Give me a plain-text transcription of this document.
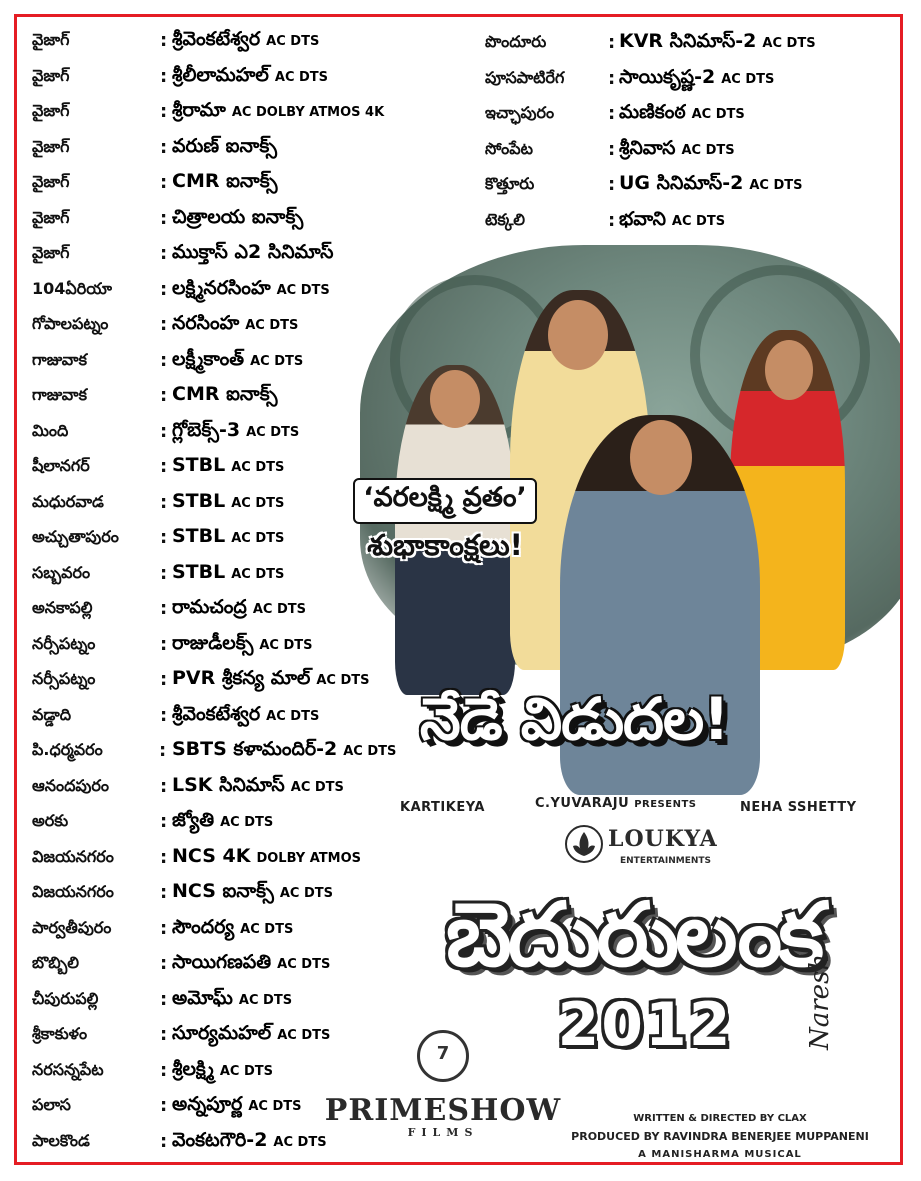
వైజాగ్	: శ్రీవెంకటేశ్వర AC DTS
వైజాగ్	: శ్రీలీలామహల్ AC DTS
వైజాగ్	: శ్రీరామా AC DOLBY ATMOS 4K
వైజాగ్	: వరుణ్ ఐనాక్స్
వైజాగ్	: CMR ఐనాక్స్
వైజాగ్	: చిత్రాలయ ఐనాక్స్
వైజాగ్	: ముక్తాస్ ఎ2 సినిమాస్
104ఏరియా	: లక్ష్మినరసింహ AC DTS
గోపాలపట్నం	: నరసింహ AC DTS
గాజువాక	: లక్ష్మీకాంత్ AC DTS
గాజువాక	: CMR ఐనాక్స్
మింది	: గ్లోబెక్స్-3 AC DTS
షీలానగర్	: STBL AC DTS
మధురవాడ	: STBL AC DTS
అచ్చుతాపురం	: STBL AC DTS
సబ్బవరం	: STBL AC DTS
అనకాపల్లి	: రామచంద్ర AC DTS
నర్సీపట్నం	: రాజుడీలక్స్ AC DTS
నర్సీపట్నం	: PVR శ్రీకన్య మాల్ AC DTS
వడ్డాది	: శ్రీవెంకటేశ్వర AC DTS
పి.ధర్మవరం	: SBTS కళామందిర్-2 AC DTS
ఆనందపురం	: LSK సినిమాస్ AC DTS
అరకు	: జ్యోతి AC DTS
విజయనగరం	: NCS 4K DOLBY ATMOS
విజయనగరం	: NCS ఐనాక్స్ AC DTS
పార్వతీపురం	: సౌందర్య AC DTS
బొబ్బిలి	: సాయిగణపతి AC DTS
చీపురుపల్లి	: అమోఘ్ AC DTS
శ్రీకాకుళం	: సూర్యమహల్ AC DTS
నరసన్నపేట	: శ్రీలక్ష్మి AC DTS
పలాస	: అన్నపూర్ణ AC DTS
పాలకొండ	: వెంకటగౌరి-2 AC DTS
పొందూరు	: KVR సినిమాస్-2 AC DTS
పూసపాటిరేగ	: సాయికృష్ణ-2 AC DTS
ఇచ్ఛాపురం	: మణికంఠ AC DTS
సోంపేట	: శ్రీనివాస AC DTS
కొత్తూరు	: UG సినిమాస్-2 AC DTS
టెక్కలి	: భవాని AC DTS
‘వరలక్ష్మి వ్రతం’
శుభాకాంక్షలు!
నేడే విడుదల!
KARTIKEYA	C.YUVARAJU PRESENTS	NEHA SSHETTY
LOUKYA
ENTERTAINMENTS
బెదురులంక
2012
7
PRIMESHOW
FILMS
WRITTEN & DIRECTED BY CLAX
PRODUCED BY RAVINDRA BENERJEE MUPPANENI
A MANISHARMA MUSICAL
